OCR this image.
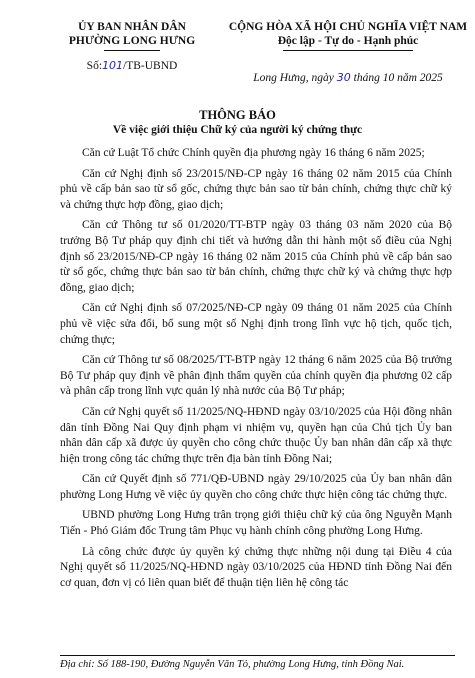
ỦY BAN NHÂN DÂN
PHƯỜNG LONG HƯNG
Số:101/TB-UBND
CỘNG HÒA XÃ HỘI CHỦ NGHĨA VIỆT NAM
Độc lập - Tự do - Hạnh phúc
Long Hưng, ngày 30 tháng 10 năm 2025
THÔNG BÁO
Về việc giới thiệu Chữ ký của người ký chứng thực

Căn cứ Luật Tổ chức Chính quyền địa phương ngày 16 tháng 6 năm 2025;

Căn cứ Nghị định số 23/2015/NĐ-CP ngày 16 tháng 02 năm 2015 của Chính phủ về cấp bản sao từ sổ gốc, chứng thực bản sao từ bản chính, chứng thực chữ ký và chứng thực hợp đồng, giao dịch;

Căn cứ Thông tư số 01/2020/TT-BTP ngày 03 tháng 03 năm 2020 của Bộ trưởng Bộ Tư pháp quy định chi tiết và hướng dẫn thi hành một số điều của Nghị định số 23/2015/NĐ-CP ngày 16 tháng 02 năm 2015 của Chính phủ về cấp bản sao từ sổ gốc, chứng thực bản sao từ bản chính, chứng thực chữ ký và chứng thực hợp đồng, giao dịch;

Căn cứ Nghị định số 07/2025/NĐ-CP ngày 09 tháng 01 năm 2025 của Chính phủ về việc sửa đổi, bổ sung một số Nghị định trong lĩnh vực hộ tịch, quốc tịch, chứng thực;

Căn cứ Thông tư số 08/2025/TT-BTP ngày 12 tháng 6 năm 2025 của Bộ trưởng Bộ Tư pháp quy định về phân định thẩm quyền của chính quyền địa phương 02 cấp và phân cấp trong lĩnh vực quản lý nhà nước của Bộ Tư pháp;

Căn cứ Nghị quyết số 11/2025/NQ-HĐND ngày 03/10/2025 của Hội đồng nhân dân tỉnh Đồng Nai Quy định phạm vi nhiệm vụ, quyền hạn của Chủ tịch Ủy ban nhân dân cấp xã được ủy quyền cho công chức thuộc Ủy ban nhân dân cấp xã thực hiện trong công tác chứng thực trên địa bàn tỉnh Đồng Nai;

Căn cứ Quyết định số 771/QĐ-UBND ngày 29/10/2025 của Ủy ban nhân dân phường Long Hưng về việc ủy quyền cho công chức thực hiện công tác chứng thực.

UBND phường Long Hưng trân trọng giới thiệu chữ ký của ông Nguyễn Mạnh Tiến - Phó Giám đốc Trung tâm Phục vụ hành chính công phường Long Hưng.

Là công chức được ủy quyền ký chứng thực những nội dung tại Điều 4 của Nghị quyết số 11/2025/NQ-HĐND ngày 03/10/2025 của HĐND tỉnh Đồng Nai đến cơ quan, đơn vị có liên quan biết để thuận tiện liên hệ công tác

Địa chỉ: Số 188-190, Đường Nguyễn Văn Tỏ, phường Long Hưng, tỉnh Đồng Nai.
